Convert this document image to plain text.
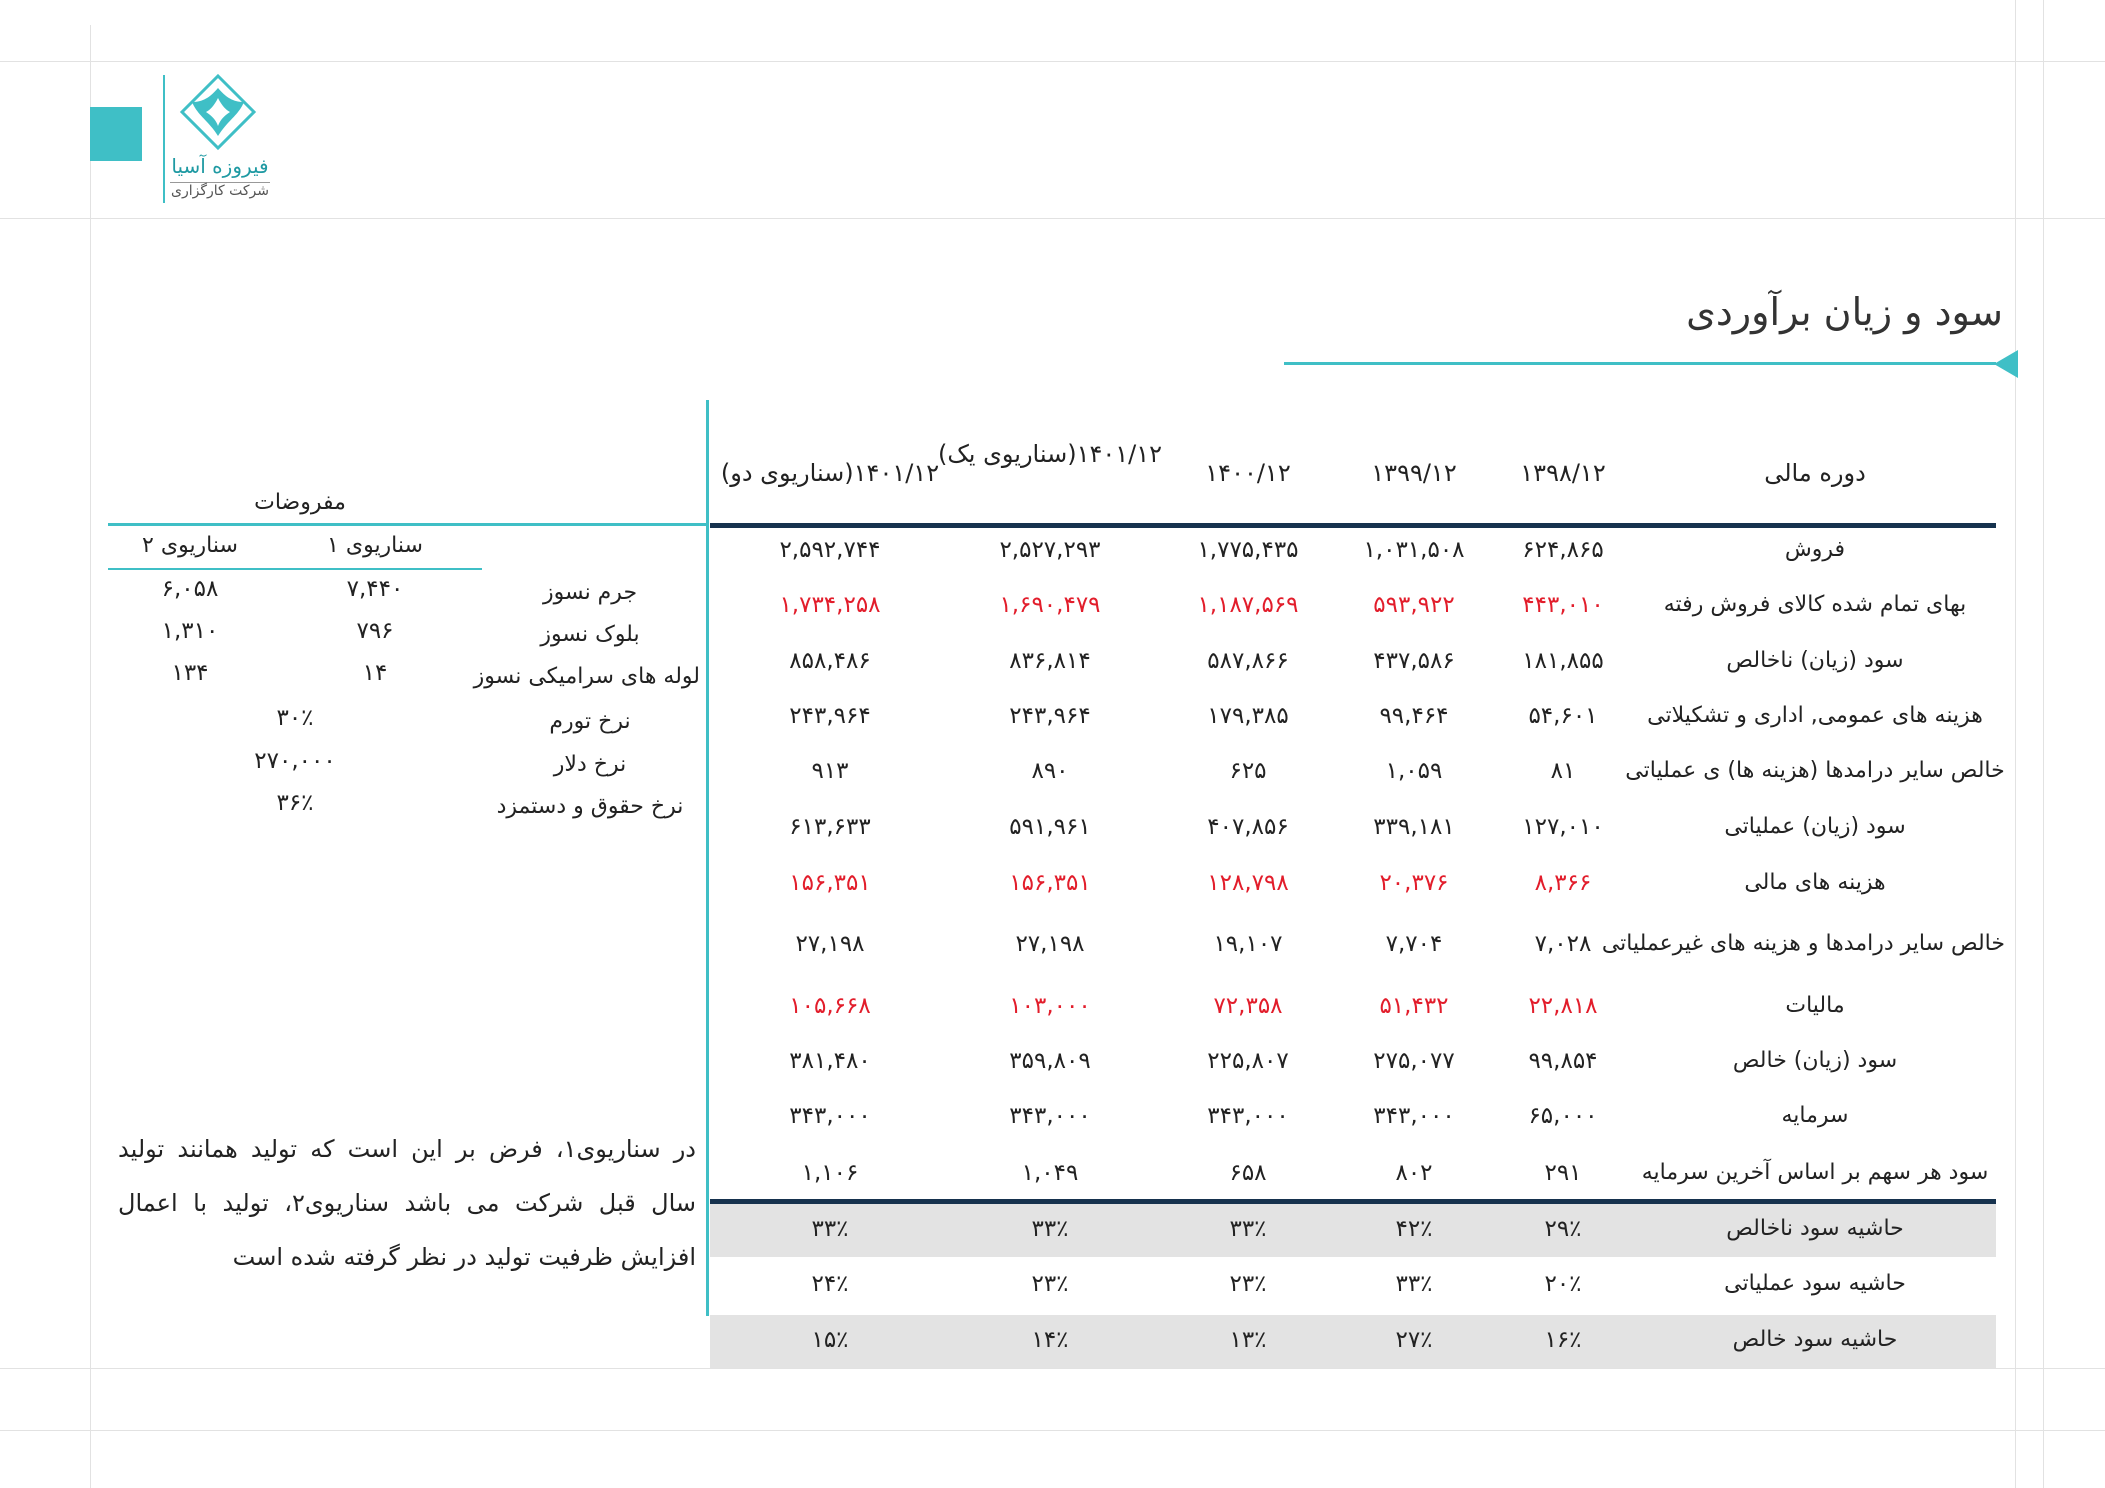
فیروزه آسیا
شرکت کارگزاری
سود و زیان برآوردی
دوره مالی
۱۳۹۸/۱۲
۱۳۹۹/۱۲
۱۴۰۰/۱۲
۱۴۰۱/۱۲(سناریوی یک)
۱۴۰۱/۱۲(سناریوی دو)
فروش
۶۲۴,۸۶۵
۱,۰۳۱,۵۰۸
۱,۷۷۵,۴۳۵
۲,۵۲۷,۲۹۳
۲,۵۹۲,۷۴۴
بهای تمام شده کالای فروش رفته
۴۴۳,۰۱۰
۵۹۳,۹۲۲
۱,۱۸۷,۵۶۹
۱,۶۹۰,۴۷۹
۱,۷۳۴,۲۵۸
سود (زیان) ناخالص
۱۸۱,۸۵۵
۴۳۷,۵۸۶
۵۸۷,۸۶۶
۸۳۶,۸۱۴
۸۵۸,۴۸۶
هزینه های عمومی, اداری و تشکیلاتی
۵۴,۶۰۱
۹۹,۴۶۴
۱۷۹,۳۸۵
۲۴۳,۹۶۴
۲۴۳,۹۶۴
خالص سایر درامدها (هزینه ها) ی عملیاتی
۸۱
۱,۰۵۹
۶۲۵
۸۹۰
۹۱۳
سود (زیان) عملیاتی
۱۲۷,۰۱۰
۳۳۹,۱۸۱
۴۰۷,۸۵۶
۵۹۱,۹۶۱
۶۱۳,۶۳۳
هزینه های مالی
۸,۳۶۶
۲۰,۳۷۶
۱۲۸,۷۹۸
۱۵۶,۳۵۱
۱۵۶,۳۵۱
خالص سایر درامدها و هزینه های غیرعملیاتی
۷,۰۲۸
۷,۷۰۴
۱۹,۱۰۷
۲۷,۱۹۸
۲۷,۱۹۸
مالیات
۲۲,۸۱۸
۵۱,۴۳۲
۷۲,۳۵۸
۱۰۳,۰۰۰
۱۰۵,۶۶۸
سود (زیان) خالص
۹۹,۸۵۴
۲۷۵,۰۷۷
۲۲۵,۸۰۷
۳۵۹,۸۰۹
۳۸۱,۴۸۰
سرمایه
۶۵,۰۰۰
۳۴۳,۰۰۰
۳۴۳,۰۰۰
۳۴۳,۰۰۰
۳۴۳,۰۰۰
سود هر سهم بر اساس آخرین سرمایه
۲۹۱
۸۰۲
۶۵۸
۱,۰۴۹
۱,۱۰۶
حاشیه سود ناخالص
۲۹٪
۴۲٪
۳۳٪
۳۳٪
۳۳٪
حاشیه سود عملیاتی
۲۰٪
۳۳٪
۲۳٪
۲۳٪
۲۴٪
حاشیه سود خالص
۱۶٪
۲۷٪
۱۳٪
۱۴٪
۱۵٪
مفروضات
سناریوی ۱
سناریوی ۲
جرم نسوز
۷,۴۴۰
۶,۰۵۸
بلوک نسوز
۷۹۶
۱,۳۱۰
لوله های سرامیکی نسوز
۱۴
۱۳۴
نرخ تورم
۳۰٪
نرخ دلار
۲۷۰,۰۰۰
نرخ حقوق و دستمزد
۳۶٪
در سناریوی۱، فرض بر این است که تولید همانند تولید سال قبل شرکت می باشد سناریوی۲، تولید با اعمال افزایش ظرفیت تولید در نظر گرفته شده است
